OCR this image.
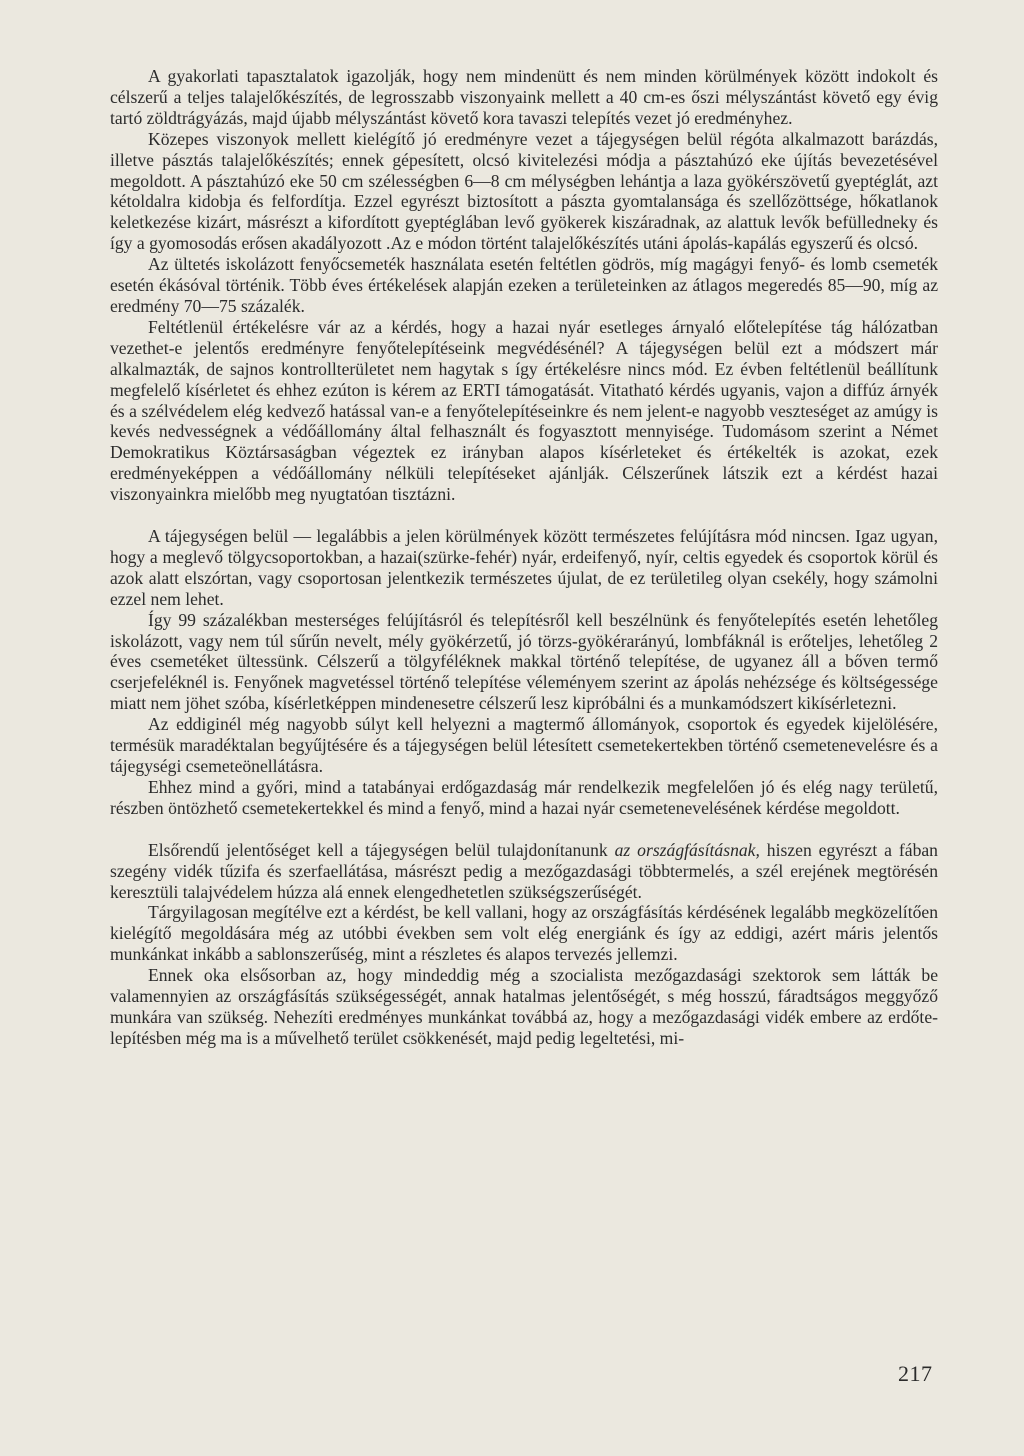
A gyakorlati tapasztalatok igazolják, hogy nem mindenütt és nem minden körülmények között indokolt és célszerű a teljes talajelőkészítés, de legrosszabb viszonyaink mellett a 40 cm-es őszi mélyszántást követő egy évig tartó zöldtrágyázás, majd újabb mélyszántást követő kora tavaszi telepítés vezet jó eredményhez.

Közepes viszonyok mellett kielégítő jó eredményre vezet a tájegységen belül régóta alkalmazott barázdás, illetve pásztás talajelőkészítés; ennek gépesített, olcsó kivitelezési módja a pásztahúzó eke újítás bevezetésével megoldott. A pásztahúzó eke 50 cm szélességben 6—8 cm mélységben lehántja a laza gyökérszövetű gyeptéglát, azt kétoldalra kidobja és felfordítja. Ezzel egyrészt biztosított a pászta gyomtalansága és szellőzöttsége, hőkatlanok keletkezése kizárt, másrészt a kifordított gyeptéglában levő gyökerek kiszáradnak, az alattuk levők befülledneky és így a gyomosodás erősen akadályozott .Az e módon történt talajelőkészítés utáni ápolás-kapálás egyszerű és olcsó.

Az ültetés iskolázott fenyőcsemeték használata esetén feltétlen gödrös, míg magágyi fenyő- és lomb csemeték esetén ékásóval történik. Több éves értékelések alapján ezeken a területeinken az átlagos megeredés 85—90, míg az eredmény 70—75 százalék.

Feltétlenül értékelésre vár az a kérdés, hogy a hazai nyár esetleges árnyaló előtelepítése tág hálózatban vezethet-e jelentős eredményre fenyőtelepítéseink megvédésénél? A tájegységen belül ezt a módszert már alkalmazták, de sajnos kontrollterületet nem hagytak s így értékelésre nincs mód. Ez évben feltétlenül beállítunk megfelelő kísérletet és ehhez ezúton is kérem az ERTI támogatását. Vitatható kérdés ugyanis, vajon a diffúz árnyék és a szélvédelem elég kedvező hatással van-e a fenyőtelepítéseinkre és nem jelent-e nagyobb veszteséget az amúgy is kevés nedvességnek a védőállomány által felhasznált és fogyasztott mennyisége. Tudomásom szerint a Német Demokratikus Köztársaságban végeztek ez irányban alapos kísérleteket és értékelték is azokat, ezek eredményeképpen a védőállomány nélküli telepítéseket ajánlják. Célszerűnek látszik ezt a kérdést hazai viszonyainkra mielőbb meg nyugtatóan tisztázni.

A tájegységen belül — legalábbis a jelen körülmények között természetes felújításra mód nincsen. Igaz ugyan, hogy a meglevő tölgycsoportokban, a hazai(szürke-fehér) nyár, erdeifenyő, nyír, celtis egyedek és csoportok körül és azok alatt elszórtan, vagy csoportosan jelentkezik természetes újulat, de ez területileg olyan csekély, hogy számolni ezzel nem lehet.

Így 99 százalékban mesterséges felújításról és telepítésről kell beszélnünk és fenyőtelepítés esetén lehetőleg iskolázott, vagy nem túl sűrűn nevelt, mély gyökérzetű, jó törzs-gyökérarányú, lombfáknál is erőteljes, lehetőleg 2 éves csemetéket ültessünk. Célszerű a tölgyféléknek makkal történő telepítése, de ugyanez áll a bőven termő cserjefeléknél is. Fenyőnek magvetéssel történő telepítése véleményem szerint az ápolás nehézsége és költségessége miatt nem jöhet szóba, kísérletképpen mindenesetre célszerű lesz kipróbálni és a munkamódszert kikísérletezni.

Az eddiginél még nagyobb súlyt kell helyezni a magtermő állományok, csoportok és egyedek kijelölésére, termésük maradéktalan begyűjtésére és a tájegységen belül létesített csemetekertekben történő csemetenevelésre és a tájegységi csemeteönellátásra.

Ehhez mind a győri, mind a tatabányai erdőgazdaság már rendelkezik megfelelően jó és elég nagy területű, részben öntözhető csemetekertekkel és mind a fenyő, mind a hazai nyár csemetenevelésének kérdése megoldott.

Elsőrendű jelentőséget kell a tájegységen belül tulajdonítanunk az országfásításnak, hiszen egyrészt a fában szegény vidék tűzifa és szerfaellátása, másrészt pedig a mezőgazdasági többtermelés, a szél erejének megtörésén keresztüli talajvédelem húzza alá ennek elengedhetetlen szükségszerűségét.

Tárgyilagosan megítélve ezt a kérdést, be kell vallani, hogy az országfásítás kérdésének legalább megközelítően kielégítő megoldására még az utóbbi években sem volt elég energiánk és így az eddigi, azért máris jelentős munkánkat inkább a sablonszerűség, mint a részletes és alapos tervezés jellemzi.

Ennek oka elsősorban az, hogy mindeddig még a szocialista mezőgazdasági szektorok sem látták be valamennyien az országfásítás szükségességét, annak hatalmas jelentőségét, s még hosszú, fáradtságos meggyőző munkára van szükség. Nehezíti eredményes munkánkat továbbá az, hogy a mezőgazdasági vidék embere az erdőtelepítésben még ma is a művelhető terület csökkenését, majd pedig legeltetési, mi-

217
